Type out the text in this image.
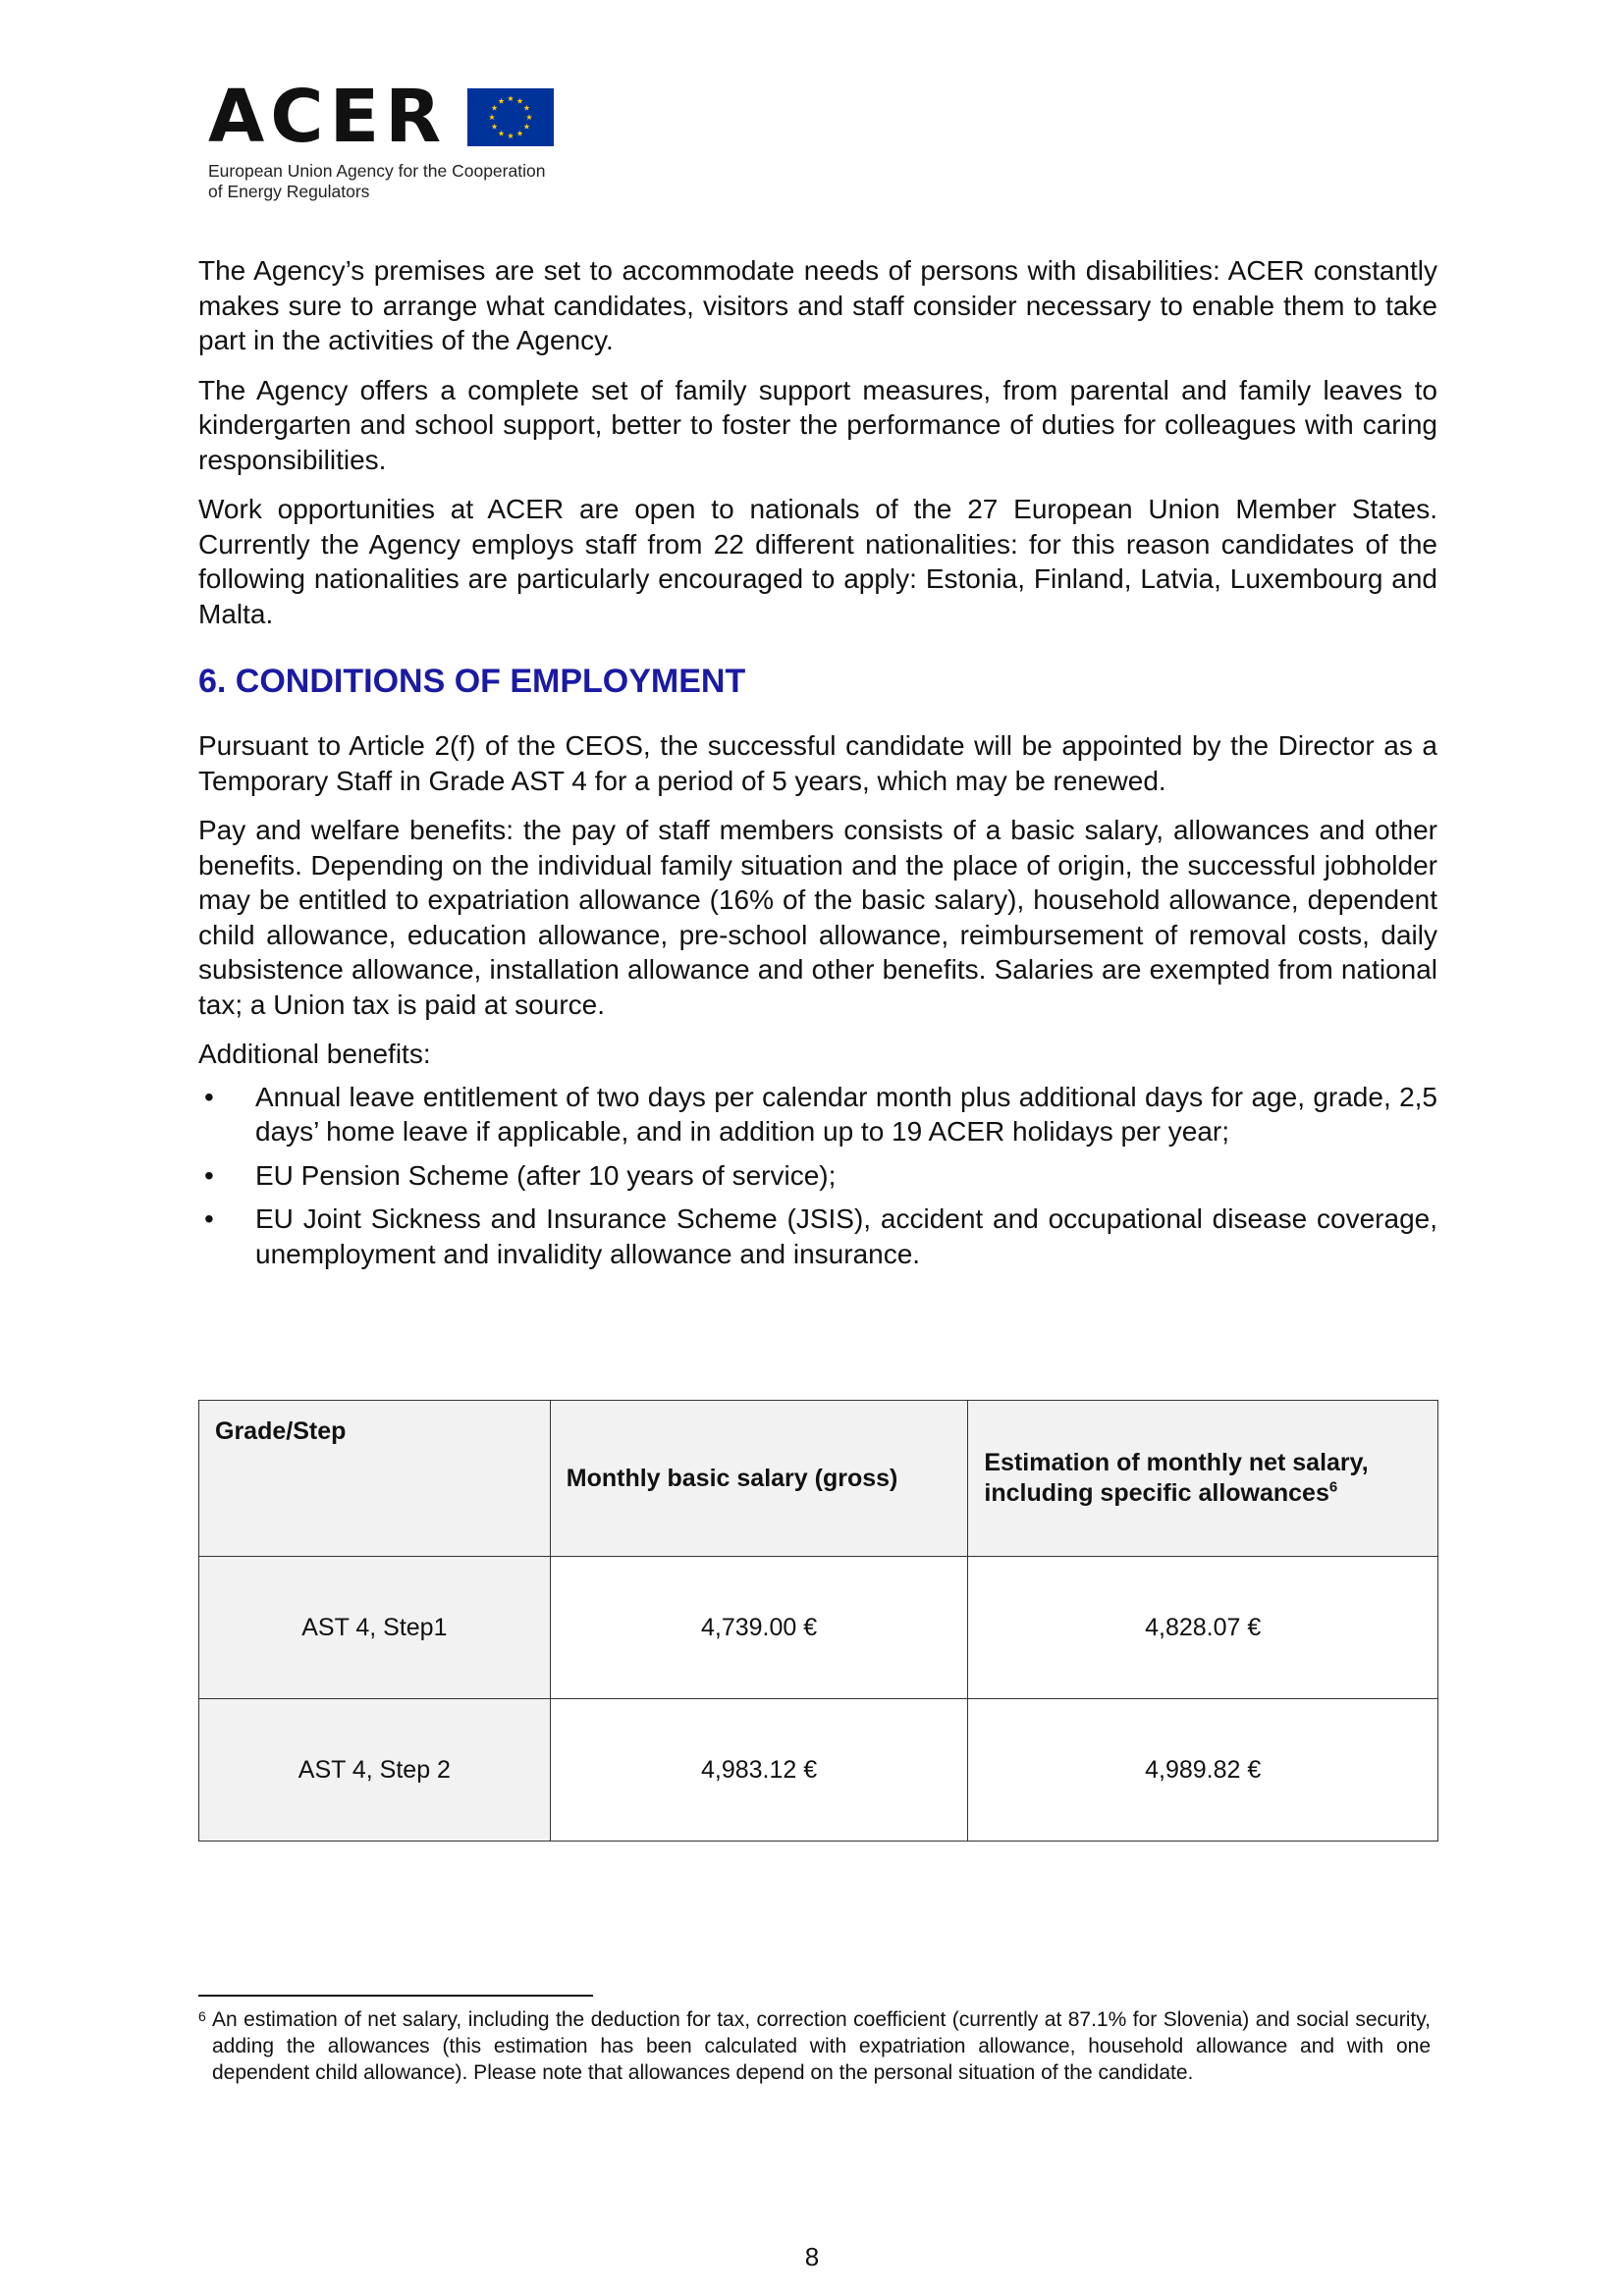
ACER
European Union Agency for the Cooperation
of Energy Regulators

The Agency’s premises are set to accommodate needs of persons with disabilities: ACER constantly makes sure to arrange what candidates, visitors and staff consider necessary to enable them to take part in the activities of the Agency.

The Agency offers a complete set of family support measures, from parental and family leaves to kindergarten and school support, better to foster the performance of duties for colleagues with caring responsibilities.

Work opportunities at ACER are open to nationals of the 27 European Union Member States. Currently the Agency employs staff from 22 different nationalities: for this reason candidates of the following nationalities are particularly encouraged to apply: Estonia, Finland, Latvia, Luxembourg and Malta.

6. CONDITIONS OF EMPLOYMENT

Pursuant to Article 2(f) of the CEOS, the successful candidate will be appointed by the Director as a Temporary Staff in Grade AST 4 for a period of 5 years, which may be renewed.

Pay and welfare benefits: the pay of staff members consists of a basic salary, allowances and other benefits. Depending on the individual family situation and the place of origin, the successful jobholder may be entitled to expatriation allowance (16% of the basic salary), household allowance, dependent child allowance, education allowance, pre-school allowance, reimbursement of removal costs, daily subsistence allowance, installation allowance and other benefits. Salaries are exempted from national tax; a Union tax is paid at source.

Additional benefits:

• Annual leave entitlement of two days per calendar month plus additional days for age, grade, 2,5 days’ home leave if applicable, and in addition up to 19 ACER holidays per year;
• EU Pension Scheme (after 10 years of service);
• EU Joint Sickness and Insurance Scheme (JSIS), accident and occupational disease coverage, unemployment and invalidity allowance and insurance.
Grade/Step	Monthly basic salary (gross)	Estimation of monthly net salary, including specific allowances$^6$
AST 4, Step1	4,739.00 €	4,828.07 €
AST 4, Step 2	4,983.12 €	4,989.82 €
6 An estimation of net salary, including the deduction for tax, correction coefficient (currently at 87.1% for Slovenia) and social security, adding the allowances (this estimation has been calculated with expatriation allowance, household allowance and with one dependent child allowance). Please note that allowances depend on the personal situation of the candidate.
8
